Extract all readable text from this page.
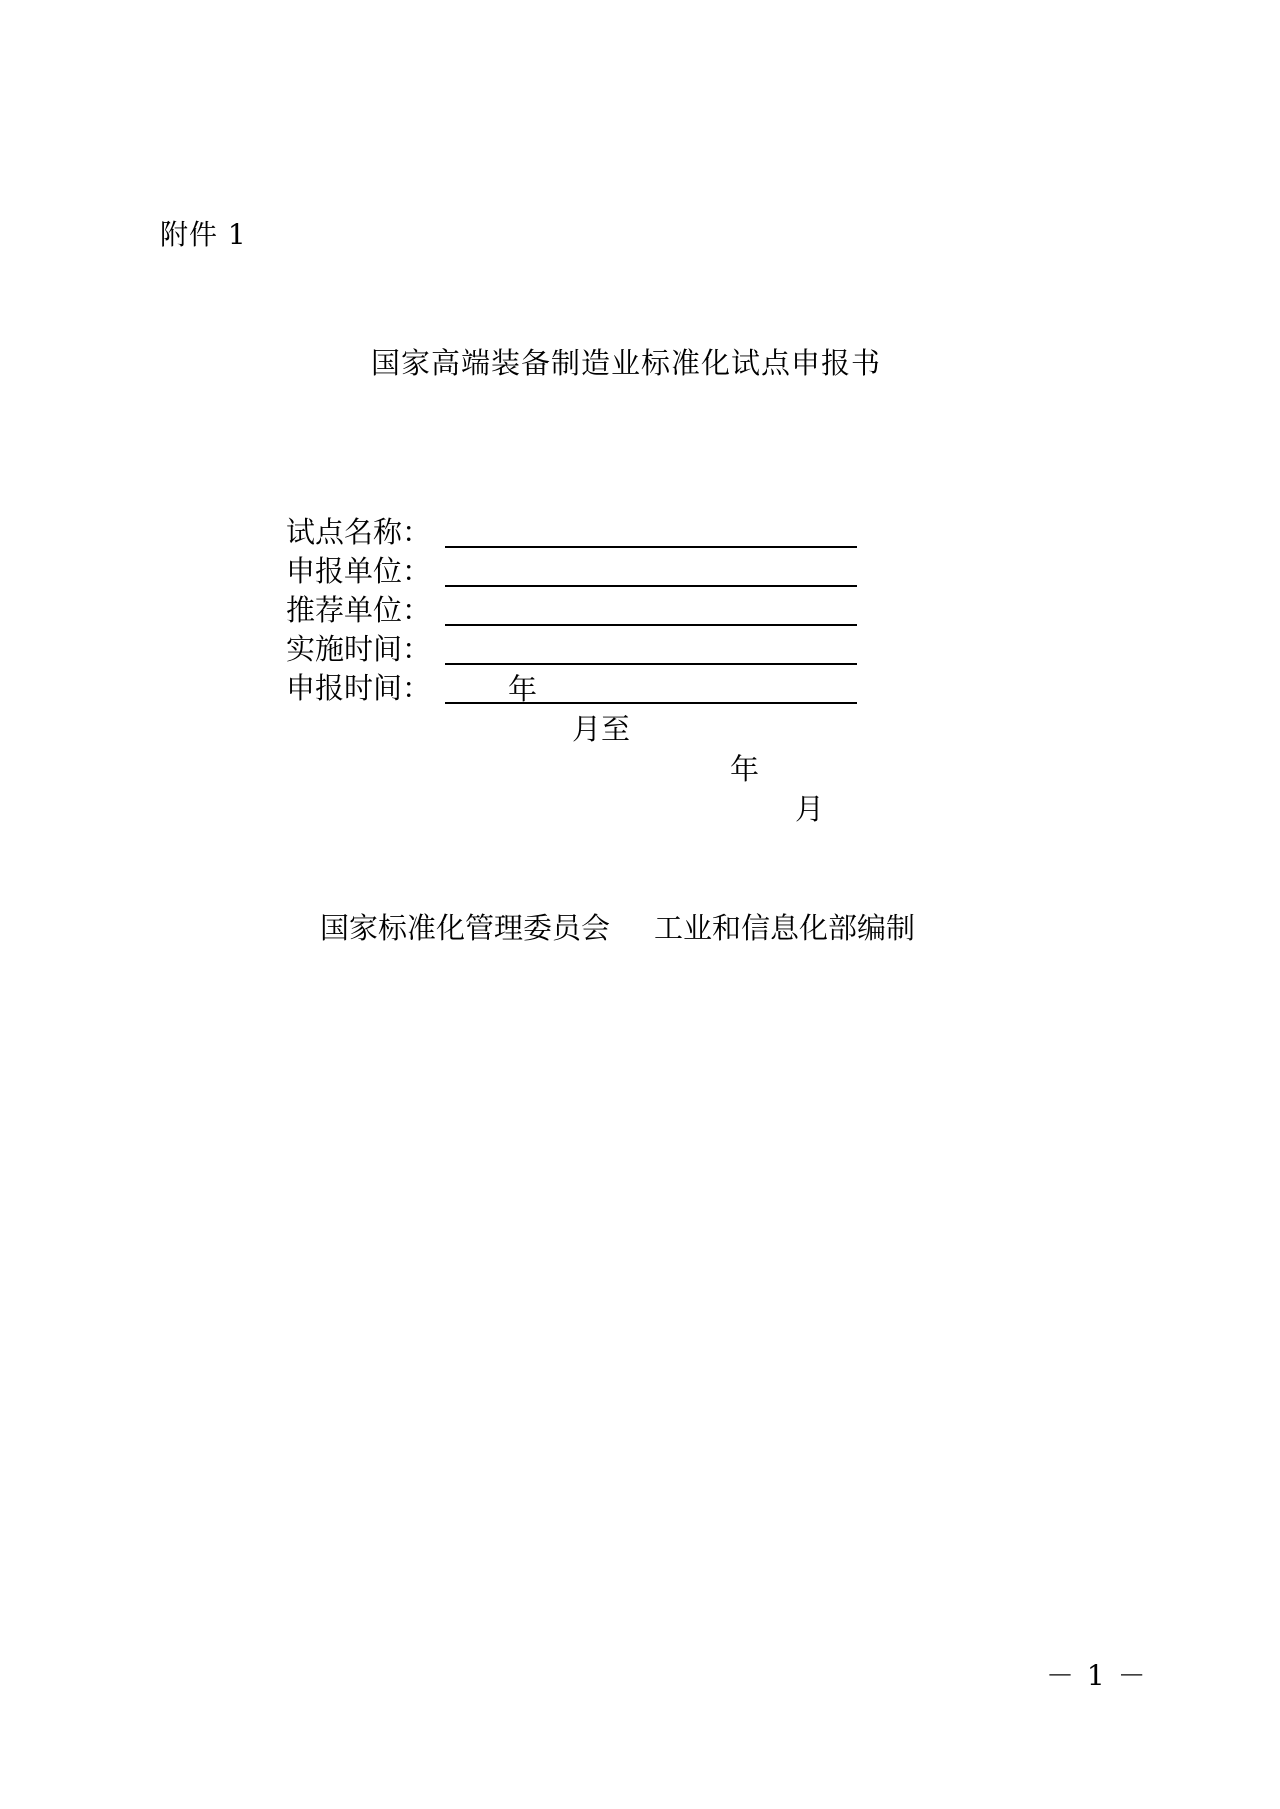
附件 1
国家高端装备制造业标准化试点申报书
试点名称：
申报单位：
推荐单位：
实施时间：

年

月至

年

月

申报时间：
国家标准化管理委员会 工业和信息化部编制
－ 1 －
